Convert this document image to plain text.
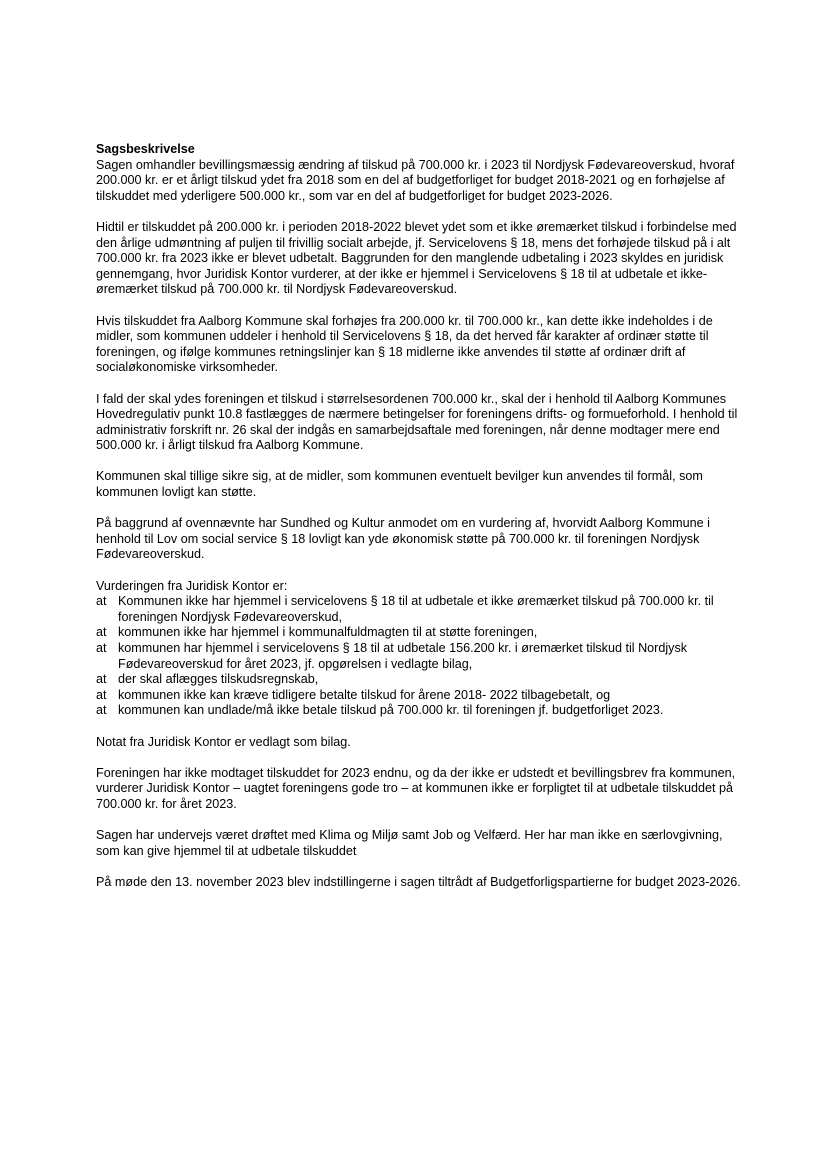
Sagsbeskrivelse

Sagen omhandler bevillingsmæssig ændring af tilskud på 700.000 kr. i 2023 til Nordjysk Fødevareoverskud, hvoraf 200.000 kr. er et årligt tilskud ydet fra 2018 som en del af budgetforliget for budget 2018-2021 og en forhøjelse af tilskuddet med yderligere 500.000 kr., som var en del af budgetforliget for budget 2023-2026.

Hidtil er tilskuddet på 200.000 kr. i perioden 2018-2022 blevet ydet som et ikke øremærket tilskud i forbindelse med den årlige udmøntning af puljen til frivillig socialt arbejde, jf. Servicelovens § 18, mens det forhøjede tilskud på i alt 700.000 kr. fra 2023 ikke er blevet udbetalt. Baggrunden for den manglende udbetaling i 2023 skyldes en juridisk gennemgang, hvor Juridisk Kontor vurderer, at der ikke er hjemmel i Servicelovens § 18 til at udbetale et ikke-øremærket tilskud på 700.000 kr. til Nordjysk Fødevareoverskud.

Hvis tilskuddet fra Aalborg Kommune skal forhøjes fra 200.000 kr. til 700.000 kr., kan dette ikke indeholdes i de midler, som kommunen uddeler i henhold til Servicelovens § 18, da det herved får karakter af ordinær støtte til foreningen, og ifølge kommunes retningslinjer kan § 18 midlerne ikke anvendes til støtte af ordinær drift af socialøkonomiske virksomheder.

I fald der skal ydes foreningen et tilskud i størrelsesordenen 700.000 kr., skal der i henhold til Aalborg Kommunes Hovedregulativ punkt 10.8 fastlægges de nærmere betingelser for foreningens drifts- og formueforhold. I henhold til administrativ forskrift nr. 26 skal der indgås en samarbejdsaftale med foreningen, når denne modtager mere end 500.000 kr. i årligt tilskud fra Aalborg Kommune.

Kommunen skal tillige sikre sig, at de midler, som kommunen eventuelt bevilger kun anvendes til formål, som kommunen lovligt kan støtte.

På baggrund af ovennævnte har Sundhed og Kultur anmodet om en vurdering af, hvorvidt Aalborg Kommune i henhold til Lov om social service § 18 lovligt kan yde økonomisk støtte på 700.000 kr. til foreningen Nordjysk Fødevareoverskud.

Vurderingen fra Juridisk Kontor er:
at Kommunen ikke har hjemmel i servicelovens § 18 til at udbetale et ikke øremærket tilskud på 700.000 kr. til foreningen Nordjysk Fødevareoverskud,
at kommunen ikke har hjemmel i kommunalfuldmagten til at støtte foreningen,
at kommunen har hjemmel i servicelovens § 18 til at udbetale 156.200 kr. i øremærket tilskud til Nordjysk Fødevareoverskud for året 2023, jf. opgørelsen i vedlagte bilag,
at der skal aflægges tilskudsregnskab,
at kommunen ikke kan kræve tidligere betalte tilskud for årene 2018- 2022 tilbagebetalt, og
at kommunen kan undlade/må ikke betale tilskud på 700.000 kr. til foreningen jf. budgetforliget 2023.

Notat fra Juridisk Kontor er vedlagt som bilag.

Foreningen har ikke modtaget tilskuddet for 2023 endnu, og da der ikke er udstedt et bevillingsbrev fra kommunen, vurderer Juridisk Kontor – uagtet foreningens gode tro – at kommunen ikke er forpligtet til at udbetale tilskuddet på 700.000 kr. for året 2023.

Sagen har undervejs været drøftet med Klima og Miljø samt Job og Velfærd. Her har man ikke en særlovgivning, som kan give hjemmel til at udbetale tilskuddet

På møde den 13. november 2023 blev indstillingerne i sagen tiltrådt af Budgetforligspartierne for budget 2023-2026.
